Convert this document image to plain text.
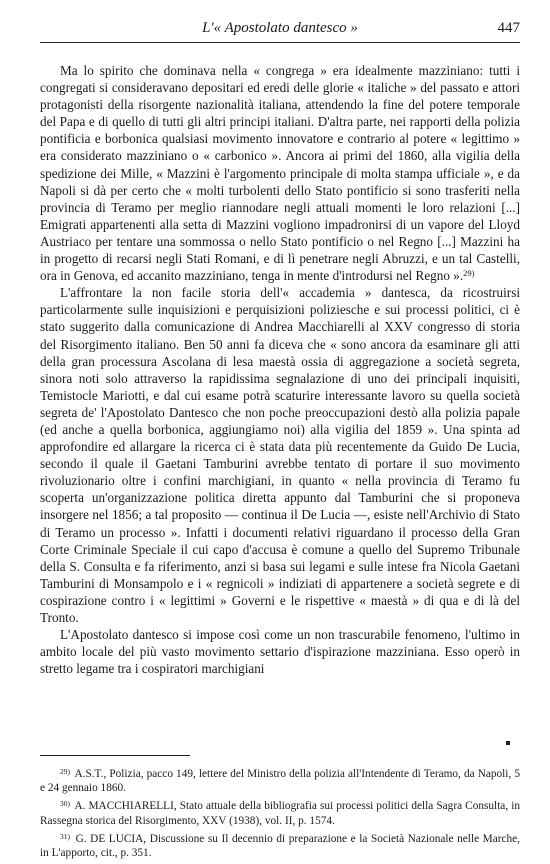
L'« Apostolato dantesco »	447

Ma lo spirito che dominava nella « congrega » era idealmente mazziniano: tutti i congregati si consideravano depositari ed eredi delle glorie « italiche » del passato e attori protagonisti della risorgente nazionalità italiana, attendendo la fine del potere temporale del Papa e di quello di tutti gli altri principi italiani. D'altra parte, nei rapporti della polizia pontificia e borbonica qualsiasi movimento innovatore e contrario al potere « legittimo » era considerato mazziniano o « carbonico ». Ancora ai primi del 1860, alla vigilia della spedizione dei Mille, « Mazzini è l'argomento principale di molta stampa ufficiale », e da Napoli si dà per certo che « molti turbolenti dello Stato pontificio si sono trasferiti nella provincia di Teramo per meglio riannodare negli attuali momenti le loro relazioni [...] Emigrati appartenenti alla setta di Mazzini vogliono impadronirsi di un vapore del Lloyd Austriaco per tentare una sommossa o nello Stato pontificio o nel Regno [...] Mazzini ha in progetto di recarsi negli Stati Romani, e di lì penetrare negli Abruzzi, e un tal Castelli, ora in Genova, ed accanito mazziniano, tenga in mente d'introdursi nel Regno ».$^{29)}$

L'affrontare la non facile storia dell'« accademia » dantesca, da ricostruirsi particolarmente sulle inquisizioni e perquisizioni poliziesche e sui processi politici, ci è stato suggerito dalla comunicazione di Andrea Macchiarelli al XXV congresso di storia del Risorgimento italiano. Ben 50 anni fa diceva che « sono ancora da esaminare gli atti della gran processura Ascolana di lesa maestà ossia di aggregazione a società segreta, sinora noti solo attraverso la rapidissima segnalazione di uno dei principali inquisiti, Temistocle Mariotti, e dal cui esame potrà scaturire interessante lavoro su quella società segreta de' l'Apostolato Dantesco che non poche preoccupazioni destò alla polizia papale (ed anche a quella borbonica, aggiungiamo noi) alla vigilia del 1859 ». Una spinta ad approfondire ed allargare la ricerca ci è stata data più recentemente da Guido De Lucia, secondo il quale il Gaetani Tamburini avrebbe tentato di portare il suo movimento rivoluzionario oltre i confini marchigiani, in quanto « nella provincia di Teramo fu scoperta un'organizzazione politica diretta appunto dal Tamburini che si proponeva insorgere nel 1856; a tal proposito — continua il De Lucia —, esiste nell'Archivio di Stato di Teramo un processo ». Infatti i documenti relativi riguardano il processo della Gran Corte Criminale Speciale il cui capo d'accusa è comune a quello del Supremo Tribunale della S. Consulta e fa riferimento, anzi si basa sui legami e sulle intese fra Nicola Gaetani Tamburini di Monsampolo e i « regnicoli » indiziati di appartenere a società segrete e di cospirazione contro i « legittimi » Governi e le rispettive « maestà » di qua e di là del Tronto.

L'Apostolato dantesco si impose così come un non trascurabile fenomeno, l'ultimo in ambito locale del più vasto movimento settario d'ispirazione mazziniana. Esso operò in stretto legame tra i cospiratori marchigiani

$^{29)}$ A.S.T., Polizia, pacco 149, lettere del Ministro della polizia all'Intendente di Teramo, da Napoli, 5 e 24 gennaio 1860.

$^{30)}$ A. MACCHIARELLI, Stato attuale della bibliografia sui processi politici della Sagra Consulta, in Rassegna storica del Risorgimento, XXV (1938), vol. II, p. 1574.

$^{31)}$ G. DE LUCIA, Discussione su Il decennio di preparazione e la Società Nazionale nelle Marche, in L'apporto, cit., p. 351.
